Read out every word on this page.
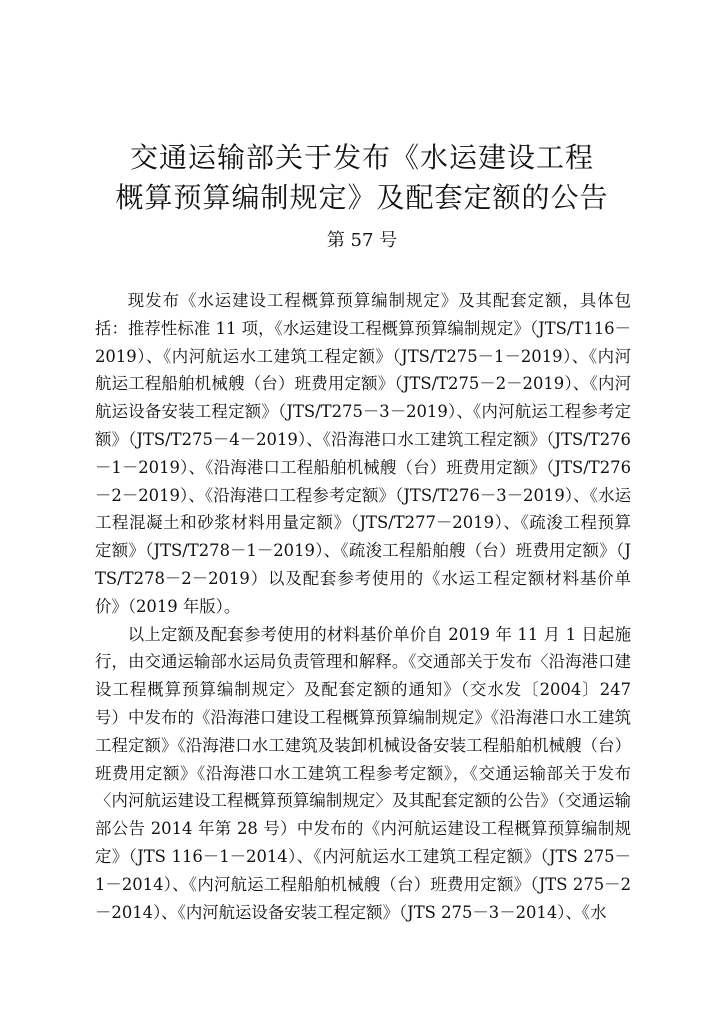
交通运输部关于发布《水运建设工程
概算预算编制规定》及配套定额的公告
第 57 号

现发布《水运建设工程概算预算编制规定》及其配套定额，具体包括：推荐性标准 11 项，《水运建设工程概算预算编制规定》（JTS/T116－2019）、《内河航运水工建筑工程定额》（JTS/T275－1－2019）、《内河航运工程船舶机械艘（台）班费用定额》（JTS/T275－2－2019）、《内河航运设备安装工程定额》（JTS/T275－3－2019）、《内河航运工程参考定额》（JTS/T275－4－2019）、《沿海港口水工建筑工程定额》（JTS/T276－1－2019）、《沿海港口工程船舶机械艘（台）班费用定额》（JTS/T276－2－2019）、《沿海港口工程参考定额》（JTS/T276－3－2019）、《水运工程混凝土和砂浆材料用量定额》（JTS/T277－2019）、《疏浚工程预算定额》（JTS/T278－1－2019）、《疏浚工程船舶艘（台）班费用定额》（JTS/T278－2－2019）以及配套参考使用的《水运工程定额材料基价单价》（2019 年版）。

以上定额及配套参考使用的材料基价单价自 2019 年 11 月 1 日起施行，由交通运输部水运局负责管理和解释。《交通部关于发布〈沿海港口建设工程概算预算编制规定〉及配套定额的通知》（交水发〔2004〕247 号）中发布的《沿海港口建设工程概算预算编制规定》《沿海港口水工建筑工程定额》《沿海港口水工建筑及装卸机械设备安装工程船舶机械艘（台）班费用定额》《沿海港口水工建筑工程参考定额》，《交通运输部关于发布〈内河航运建设工程概算预算编制规定〉及其配套定额的公告》（交通运输部公告 2014 年第 28 号）中发布的《内河航运建设工程概算预算编制规定》（JTS 116－1－2014）、《内河航运水工建筑工程定额》（JTS 275－1－2014）、《内河航运工程船舶机械艘（台）班费用定额》（JTS 275－2－2014）、《内河航运设备安装工程定额》（JTS 275－3－2014）、《水
